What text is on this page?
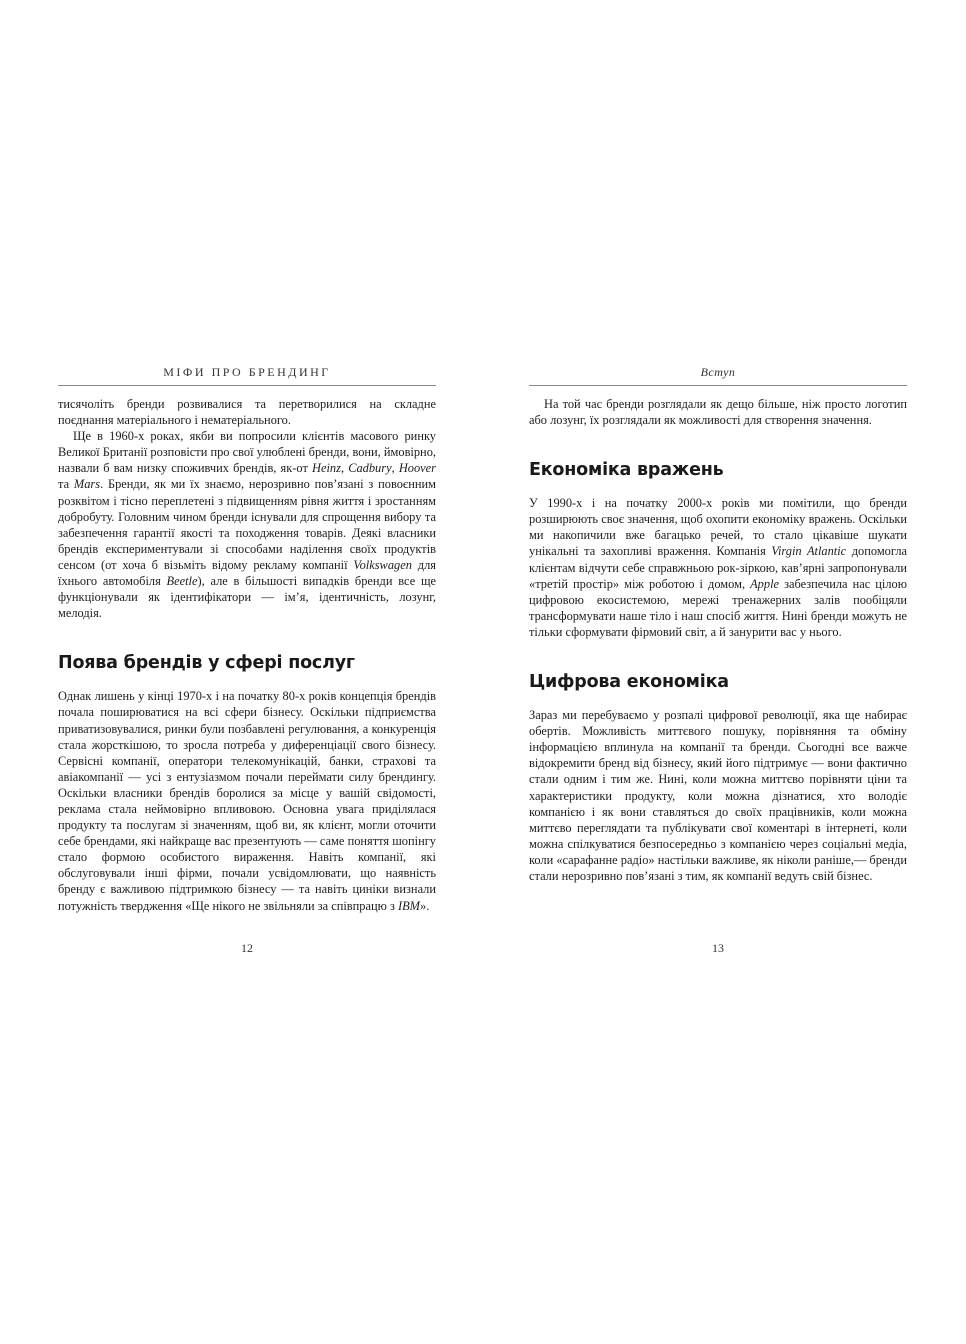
МІФИ ПРО БРЕНДИНГ

тисячоліть бренди розвивалися та перетворилися на складне поєднання матеріального і нематеріального.

Ще в 1960-х роках, якби ви попросили клієнтів масового ринку Великої Британії розповісти про свої улюблені бренди, вони, ймовірно, назвали б вам низку споживчих брендів, як-от Heinz, Cadbury, Hoover та Mars. Бренди, як ми їх знаємо, нерозривно пов’язані з повоєнним розквітом і тісно переплетені з підвищенням рівня життя і зростанням добробуту. Головним чином бренди існували для спрощення вибору та забезпечення гарантії якості та походження товарів. Деякі власники брендів експериментували зі способами наділення своїх продуктів сенсом (от хоча б візьміть відому рекламу компанії Volkswagen для їхнього автомобіля Beetle), але в більшості випадків бренди все ще функціонували як ідентифікатори — ім’я, ідентичність, лозунг, мелодія.

Поява брендів у сфері послуг

Однак лишень у кінці 1970-х і на початку 80-х років концепція брендів почала поширюватися на всі сфери бізнесу. Оскільки підприємства приватизовувалися, ринки були позбавлені регулювання, а конкуренція стала жорсткішою, то зросла потреба у диференціації свого бізнесу. Сервісні компанії, оператори телекомунікацій, банки, страхові та авіакомпанії — усі з ентузіазмом почали переймати силу брендингу. Оскільки власники брендів боролися за місце у вашій свідомості, реклама стала неймовірно впливовою. Основна увага приділялася продукту та послугам зі значенням, щоб ви, як клієнт, могли оточити себе брендами, які найкраще вас презентують — саме поняття шопінгу стало формою особистого вираження. Навіть компанії, які обслуговували інші фірми, почали усвідомлювати, що наявність бренду є важливою підтримкою бізнесу — та навіть циніки визнали потужність твердження «Ще нікого не звільняли за співпрацю з IBM».

12
Вступ

На той час бренди розглядали як дещо більше, ніж просто логотип або лозунг, їх розглядали як можливості для створення значення.

Економіка вражень

У 1990-х і на початку 2000-х років ми помітили, що бренди розширюють своє значення, щоб охопити економіку вражень. Оскільки ми накопичили вже багацько речей, то стало цікавіше шукати унікальні та захопливі враження. Компанія Virgin Atlantic допомогла клієнтам відчути себе справжньою рок-зіркою, кав’ярні запропонували «третій простір» між роботою і домом, Apple забезпечила нас цілою цифровою екосистемою, мережі тренажерних залів пообіцяли трансформувати наше тіло і наш спосіб життя. Нині бренди можуть не тільки сформувати фірмовий світ, а й занурити вас у нього.

Цифрова економіка

Зараз ми перебуваємо у розпалі цифрової революції, яка ще набирає обертів. Можливість миттєвого пошуку, порівняння та обміну інформацією вплинула на компанії та бренди. Сьогодні все важче відокремити бренд від бізнесу, який його підтримує — вони фактично стали одним і тим же. Нині, коли можна миттєво порівняти ціни та характеристики продукту, коли можна дізнатися, хто володіє компанією і як вони ставляться до своїх працівників, коли можна миттєво переглядати та публікувати свої коментарі в інтернеті, коли можна спілкуватися безпосередньо з компанією через соціальні медіа, коли «сарафанне радіо» настільки важливе, як ніколи раніше,— бренди стали нерозривно пов’язані з тим, як компанії ведуть свій бізнес.

13
